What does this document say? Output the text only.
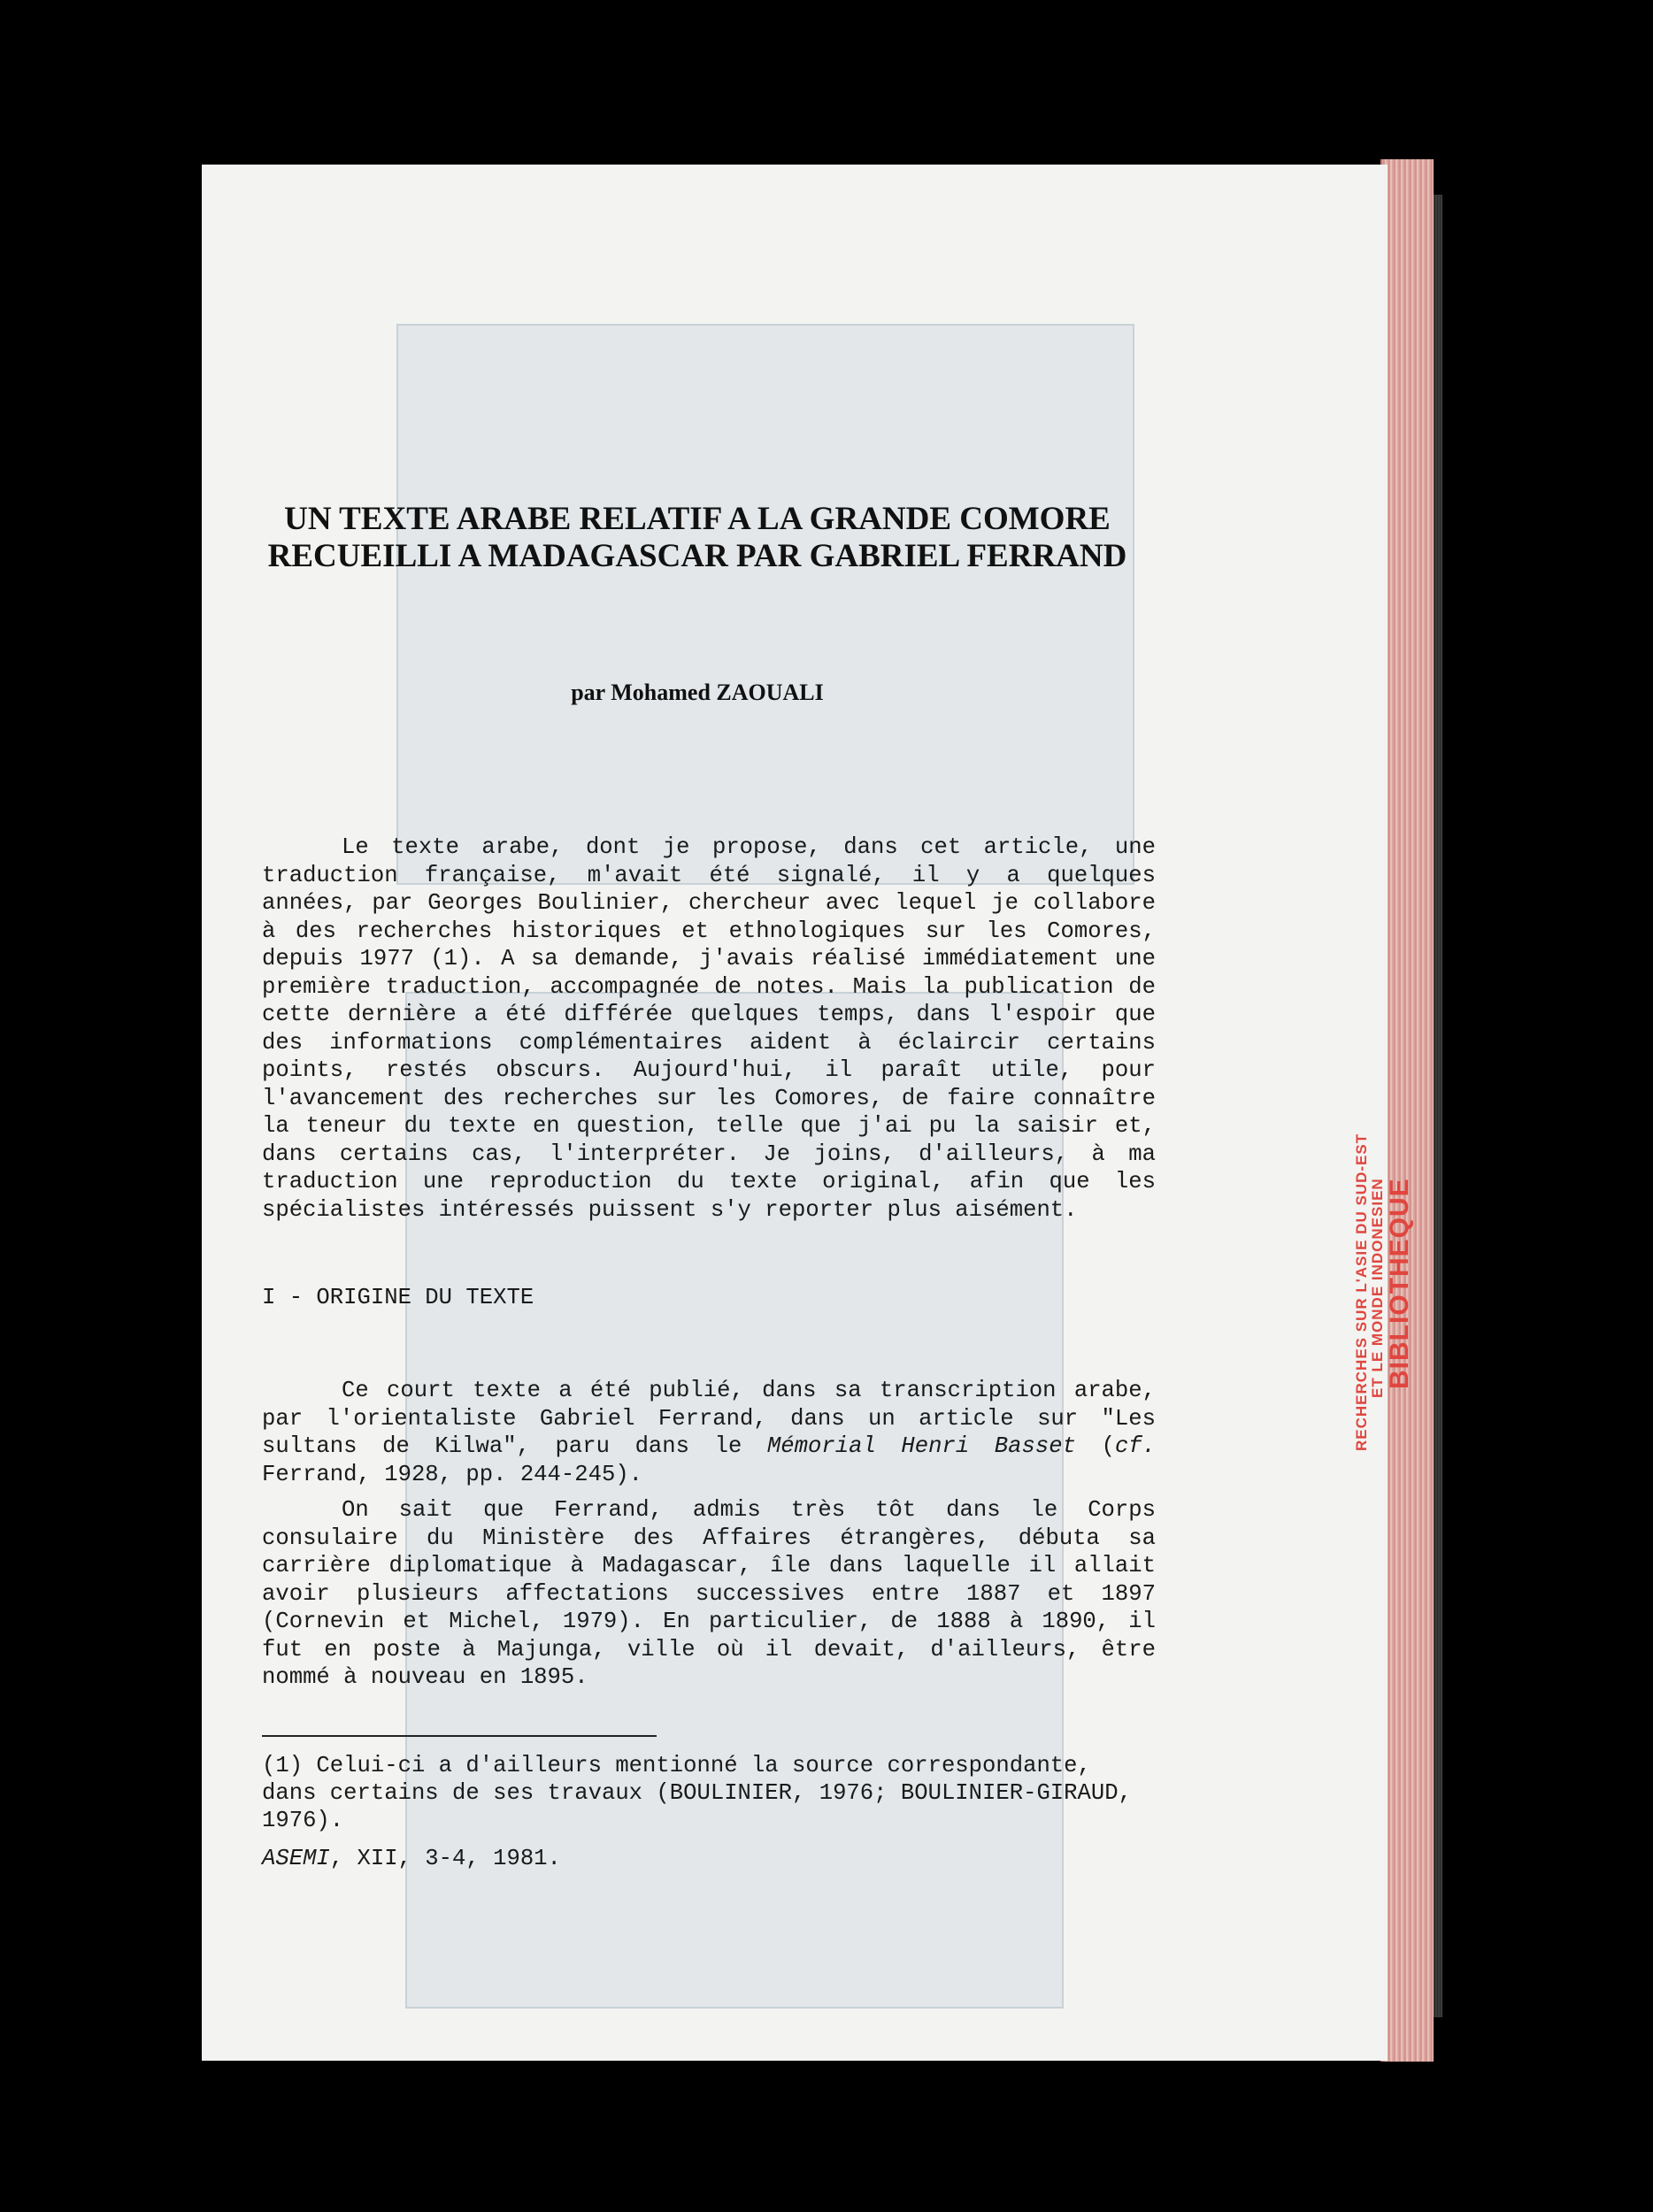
UN TEXTE ARABE RELATIF A LA GRANDE COMORE
RECUEILLI A MADAGASCAR PAR GABRIEL FERRAND
par Mohamed ZAOUALI
Le texte arabe, dont je propose, dans cet article, une traduction française, m'avait été signalé, il y a quelques années, par Georges Boulinier, chercheur avec lequel je collabore à des recherches historiques et ethnologiques sur les Comores, depuis 1977 (1). A sa demande, j'avais réalisé immédiatement une première traduction, accompagnée de notes. Mais la publication de cette dernière a été différée quelques temps, dans l'espoir que des informations complémentaires aident à éclaircir certains points, restés obscurs. Aujourd'hui, il paraît utile, pour l'avancement des recherches sur les Comores, de faire connaître la teneur du texte en question, telle que j'ai pu la saisir et, dans certains cas, l'interpréter. Je joins, d'ailleurs, à ma traduction une reproduction du texte original, afin que les spécialistes intéressés puissent s'y reporter plus aisément.
I - ORIGINE DU TEXTE
Ce court texte a été publié, dans sa transcription arabe, par l'orientaliste Gabriel Ferrand, dans un article sur "Les sultans de Kilwa", paru dans le Mémorial Henri Basset (cf. Ferrand, 1928, pp. 244-245).
On sait que Ferrand, admis très tôt dans le Corps consulaire du Ministère des Affaires étrangères, débuta sa carrière diplomatique à Madagascar, île dans laquelle il allait avoir plusieurs affectations successives entre 1887 et 1897 (Cornevin et Michel, 1979). En particulier, de 1888 à 1890, il fut en poste à Majunga, ville où il devait, d'ailleurs, être nommé à nouveau en 1895.
(1) Celui-ci a d'ailleurs mentionné la source correspondante, dans certains de ses travaux (BOULINIER, 1976; BOULINIER-GIRAUD, 1976).
ASEMI, XII, 3-4, 1981.
RECHERCHES SUR L'ASIE DU SUD-EST
ET LE MONDE INDONESIEN
BIBLIOTHEQUE
